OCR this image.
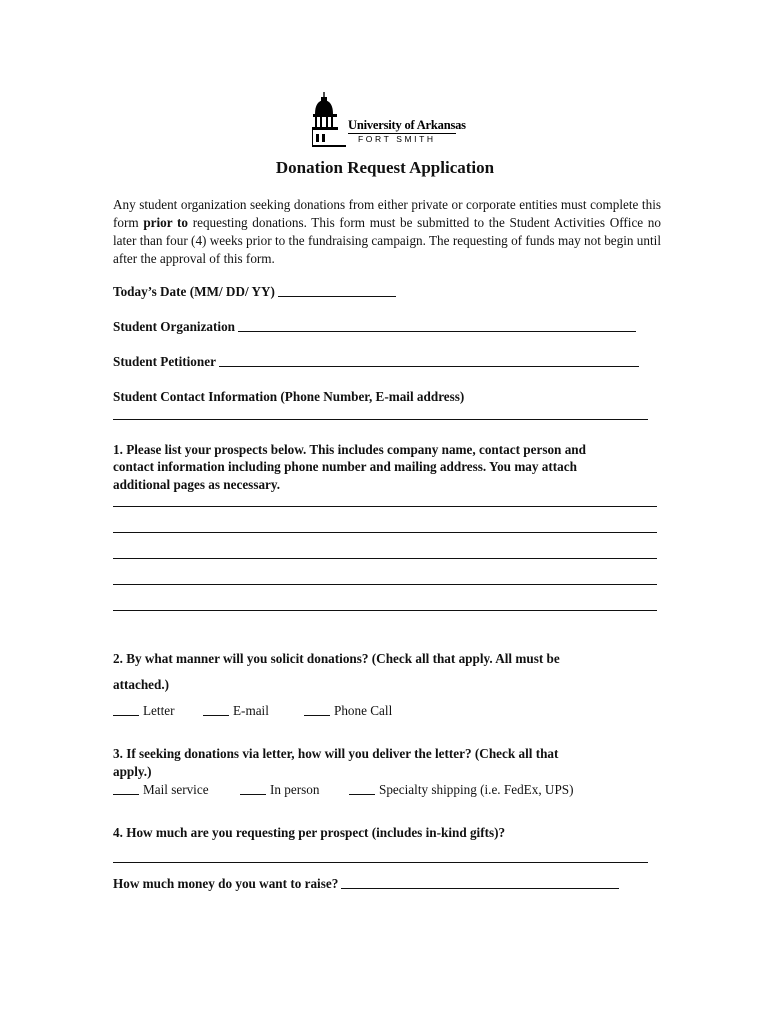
University of Arkansas
FORT SMITH
Donation Request Application
Any student organization seeking donations from either private or corporate entities must complete this form prior to requesting donations. This form must be submitted to the Student Activities Office no later than four (4) weeks prior to the fundraising campaign. The requesting of funds may not begin until after the approval of this form.
Today’s Date (MM/ DD/ YY)
Student Organization
Student Petitioner
Student Contact Information (Phone Number, E-mail address)
1. Please list your prospects below. This includes company name, contact person and
contact information including phone number and mailing address. You may attach
additional pages as necessary.
2. By what manner will you solicit donations? (Check all that apply. All must be
attached.)
Letter	E-mail	Phone Call
3. If seeking donations via letter, how will you deliver the letter? (Check all that
apply.)
Mail service	In person	Specialty shipping (i.e. FedEx, UPS)
4. How much are you requesting per prospect (includes in-kind gifts)?
How much money do you want to raise?
